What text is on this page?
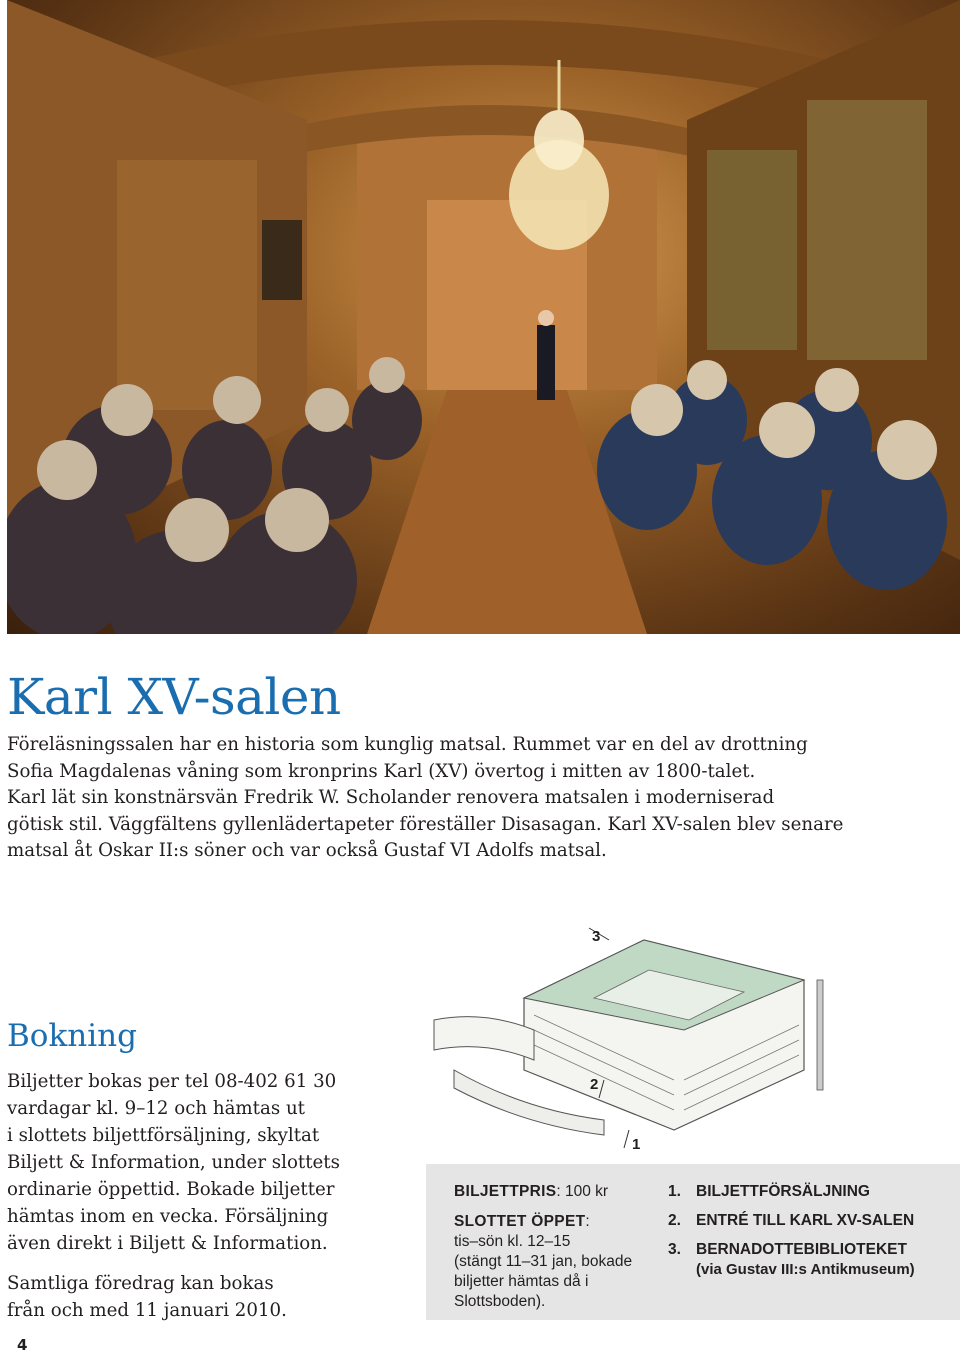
Karl XV-salen
Föreläsningssalen har en historia som kunglig matsal. Rummet var en del av drottning
Sofia Magdalenas våning som kronprins Karl (XV) övertog i mitten av 1800-talet.
Karl lät sin konstnärsvän Fredrik W. Scholander renovera matsalen i moderniserad
götisk stil. Väggfältens gyllenlädertapeter föreställer Disasagan. Karl XV-salen blev senare
matsal åt Oskar II:s söner och var också Gustaf VI Adolfs matsal.
Bokning
Biljetter bokas per tel 08-402 61 30
vardagar kl. 9–12 och hämtas ut
i slottets biljettförsäljning, skyltat
Biljett & Information, under slottets
ordinarie öppettid. Bokade biljetter
hämtas inom en vecka. Försäljning
även direkt i Biljett & Information.
Samtliga föredrag kan bokas
från och med 11 januari 2010.
3
2
1
BILJETTPRIS: 100 kr
SLOTTET ÖPPET:
tis–sön kl. 12–15
(stängt 11–31 jan, bokade
biljetter hämtas då i
Slottsboden).
1. BILJETTFÖRSÄLJNING
2. ENTRÉ TILL KARL XV-SALEN
3. BERNADOTTEBIBLIOTEKET
(via Gustav III:s Antikmuseum)
4
